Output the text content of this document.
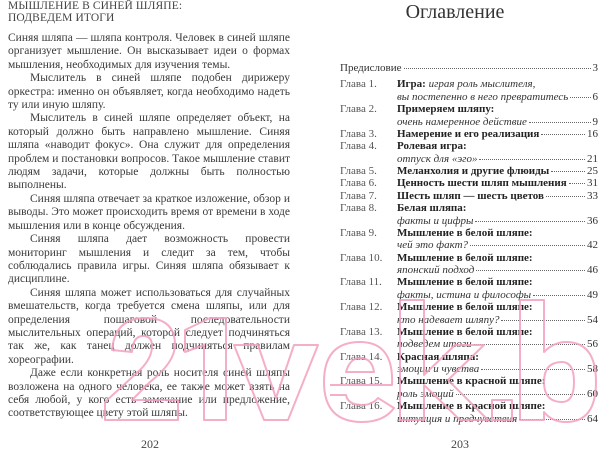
МЫШЛЕНИЕ В СИНЕЙ ШЛЯПЕ:
ПОДВЕДЕМ ИТОГИ

Синяя шляпа — шляпа контроля. Человек в синей шляпе организует мышление. Он высказывает идеи о формах мышления, необходимых для изучения темы.

Мыслитель в синей шляпе подобен дирижеру оркестра: именно он объявляет, когда необходимо надеть ту или иную шляпу.

Мыслитель в синей шляпе определяет объект, на который должно быть направлено мышление. Синяя шляпа «наводит фокус». Она служит для определения проблем и постановки вопросов. Такое мышление ставит людям задачи, которые должны быть полностью выполнены.

Синяя шляпа отвечает за краткое изложение, обзор и выводы. Это может происходить время от времени в ходе мышления или в конце обсуждения.

Синяя шляпа дает возможность провести мониторинг мышления и следит за тем, чтобы соблюдались правила игры. Синяя шляпа обязывает к дисциплине.

Синяя шляпа может использоваться для случайных вмешательств, когда требуется смена шляпы, или для определения пошаговой последовательности мыслительных операций, которой следует подчиняться так же, как танец должен подчиняться правилам хореографии.

Даже если конкретная роль носителя синей шляпы возложена на одного человека, ее также может взять на себя любой, у кого есть замечание или предложение, соответствующее цвету этой шляпы.

202
Оглавление
Предисловие	3
Глава 1.	Игра: играя роль мыслителя,
вы постепенно в него превратитесь 6
Глава 2.	Примеряем шляпу:
очень намеренное действие	9
Глава 3.	Намерение и его реализация	16
Глава 4.	Ролевая игра:
отпуск для «эго»	21
Глава 5.	Меланхолия и другие флюиды	25
Глава 6.	Ценность шести шляп мышления 31
Глава 7.	Шесть шляп — шесть цветов	33
Глава 8.	Белая шляпа:
факты и цифры	36
Глава 9.	Мышление в белой шляпе:
чей это факт?	42
Глава 10.	Мышление в белой шляпе:
японский подход	46
Глава 11.	Мышление в белой шляпе:
факты, истина и философы	49
Глава 12.	Мышление в белой шляпе:
кто надевает шляпу?	54
Глава 13.	Мышление в белой шляпе:
подведем итоги	56
Глава 14.	Красная шляпа:
эмоции и чувства	58
Глава 15.	Мышление в красной шляпе:
роль эмоций	60
Глава 16.	Мышление в красной шляпе:
интуиция и предчувствия	64
203
